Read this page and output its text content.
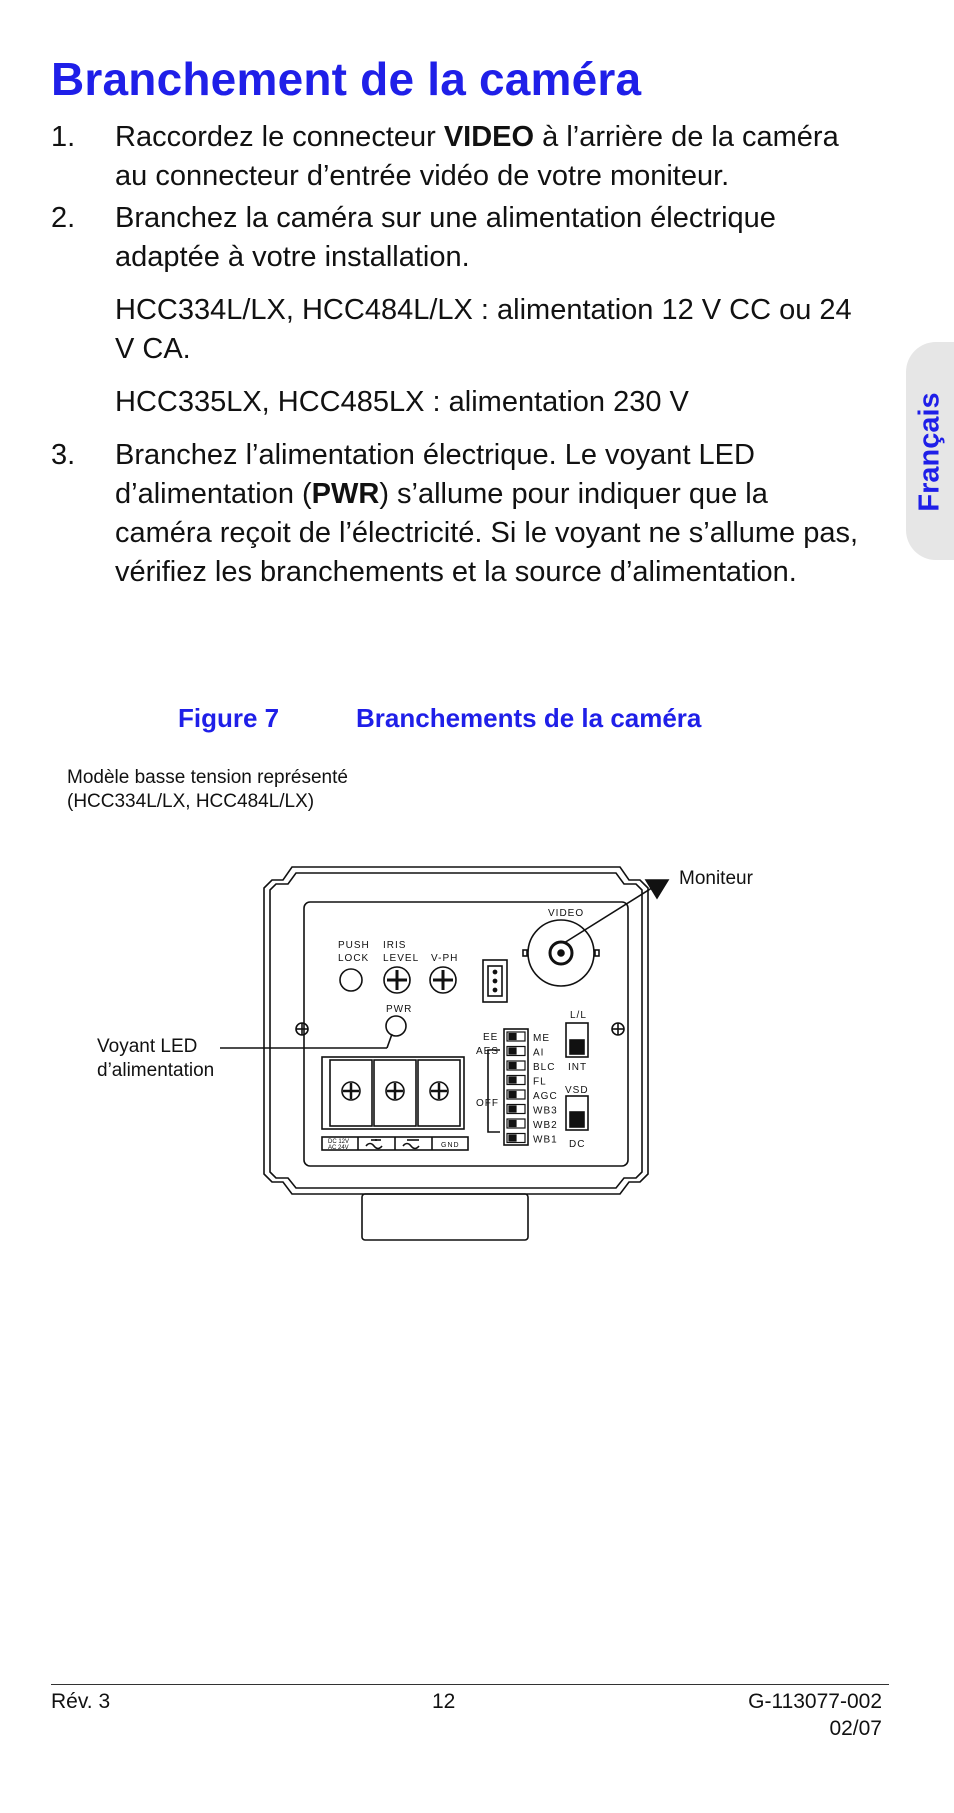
Branchement de la caméra
1. Raccordez le connecteur VIDEO à l’arrière de la caméra au connecteur d’entrée vidéo de votre moniteur.
2. Branchez la caméra sur une alimentation électrique adaptée à votre installation.
HCC334L/LX, HCC484L/LX : alimentation 12 V CC ou 24 V CA.
HCC335LX, HCC485LX : alimentation 230 V
3. Branchez l’alimentation électrique. Le voyant LED d’alimentation (PWR) s’allume pour indiquer que la caméra reçoit de l’électricité. Si le voyant ne s’allume pas, vérifiez les branchements et la source d’alimentation.
Français
Figure 7	Branchements de la caméra
Modèle basse tension représenté
(HCC334L/LX, HCC484L/LX)
Moniteur
Voyant LED
d’alimentation
VIDEO
PUSH
LOCK
IRIS
LEVEL V-PH
PWR
L/L
INT
VSD
DC
EE
AES
OFF
DC 12V
AC 24V	GND
ME
AI
BLC
FL
AGC
WB3
WB2
WB1
Rév. 3	12	G-113077-002
02/07
